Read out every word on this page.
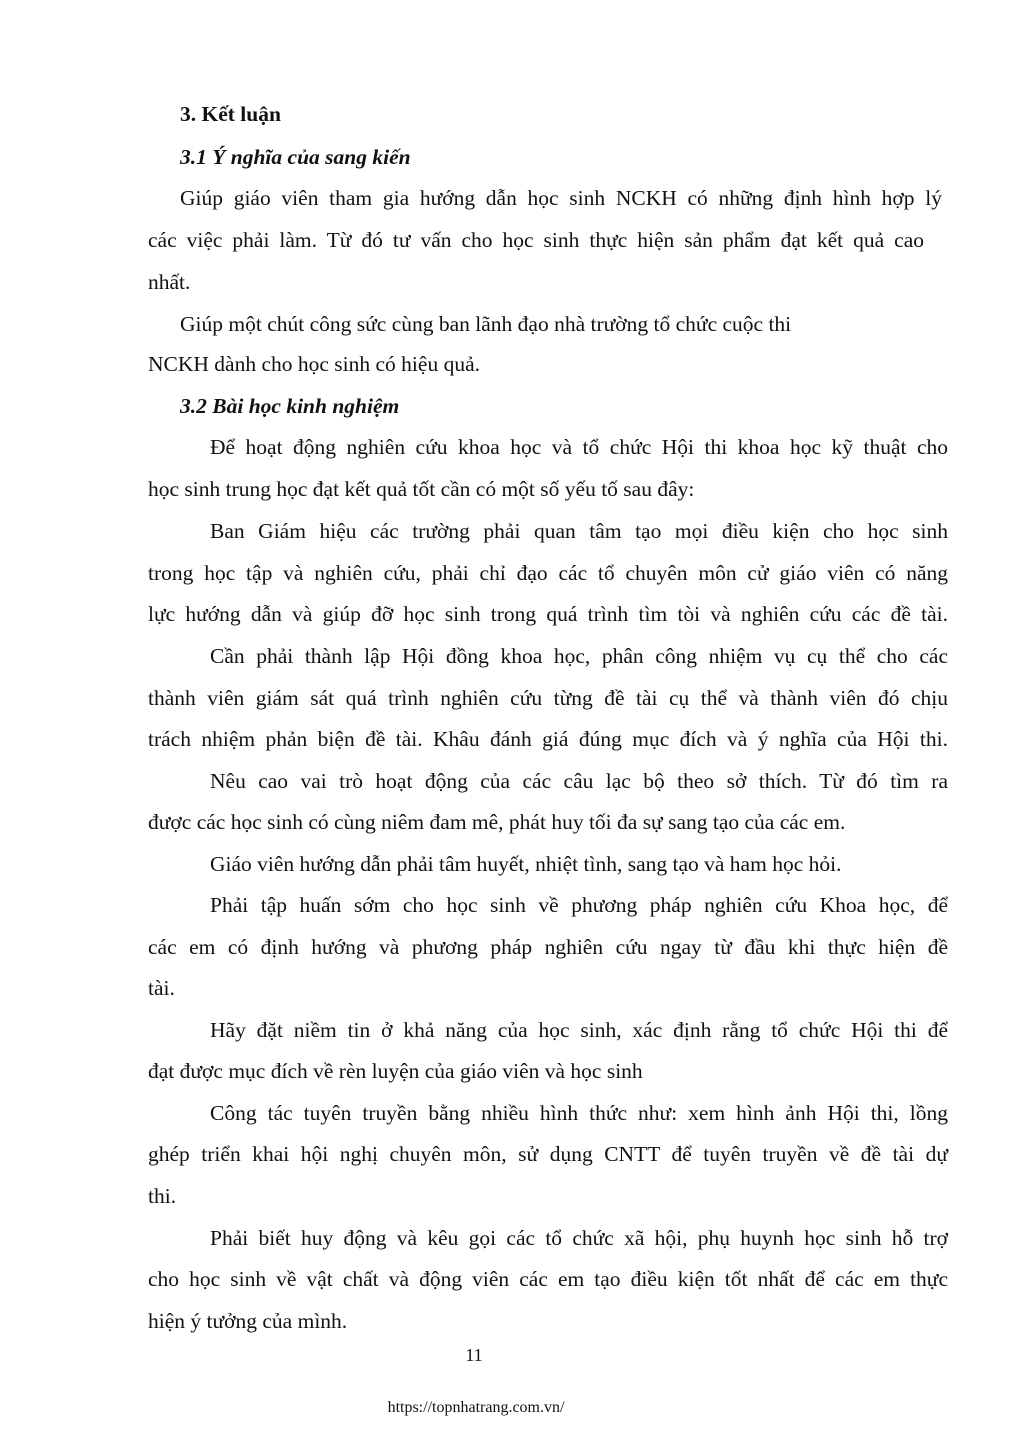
3. Kết luận
3.1 Ý nghĩa của sang kiến
Giúp giáo viên tham gia hướng dẫn học sinh NCKH có những định hình hợp lý
các việc phải làm. Từ đó tư vấn cho học sinh thực hiện sản phẩm đạt kết quả cao
nhất.
Giúp một chút công sức cùng ban lãnh đạo nhà trường tổ chức cuộc thi
NCKH dành cho học sinh có hiệu quả.
3.2 Bài học kinh nghiệm
Để hoạt động nghiên cứu khoa học và tổ chức Hội thi khoa học kỹ thuật cho
học sinh trung học đạt kết quả tốt cần có một số yếu tố sau đây:
Ban Giám hiệu các trường phải quan tâm tạo mọi điều kiện cho học sinh
trong học tập và nghiên cứu, phải chỉ đạo các tổ chuyên môn cử giáo viên có năng
lực hướng dẫn và giúp đỡ học sinh trong quá trình tìm tòi và nghiên cứu các đề tài.
Cần phải thành lập Hội đồng khoa học, phân công nhiệm vụ cụ thể cho các
thành viên giám sát quá trình nghiên cứu từng đề tài cụ thể và thành viên đó chịu
trách nhiệm phản biện đề tài. Khâu đánh giá đúng mục đích và ý nghĩa của Hội thi.
Nêu cao vai trò hoạt động của các câu lạc bộ theo sở thích. Từ đó tìm ra
được các học sinh có cùng niêm đam mê, phát huy tối đa sự sang tạo của các em.
Giáo viên hướng dẫn phải tâm huyết, nhiệt tình, sang tạo và ham học hỏi.
Phải tập huấn sớm cho học sinh về phương pháp nghiên cứu Khoa học, để
các em có định hướng và phương pháp nghiên cứu ngay từ đầu khi thực hiện đề
tài.
Hãy đặt niềm tin ở khả năng của học sinh, xác định rằng tổ chức Hội thi để
đạt được mục đích về rèn luyện của giáo viên và học sinh
Công tác tuyên truyền bằng nhiều hình thức như: xem hình ảnh Hội thi, lồng
ghép triển khai hội nghị chuyên môn, sử dụng CNTT để tuyên truyền về đề tài dự
thi.
Phải biết huy động và kêu gọi các tổ chức xã hội, phụ huynh học sinh hỗ trợ
cho học sinh về vật chất và động viên các em tạo điều kiện tốt nhất để các em thực
hiện ý tưởng của mình.
11
https://topnhatrang.com.vn/
